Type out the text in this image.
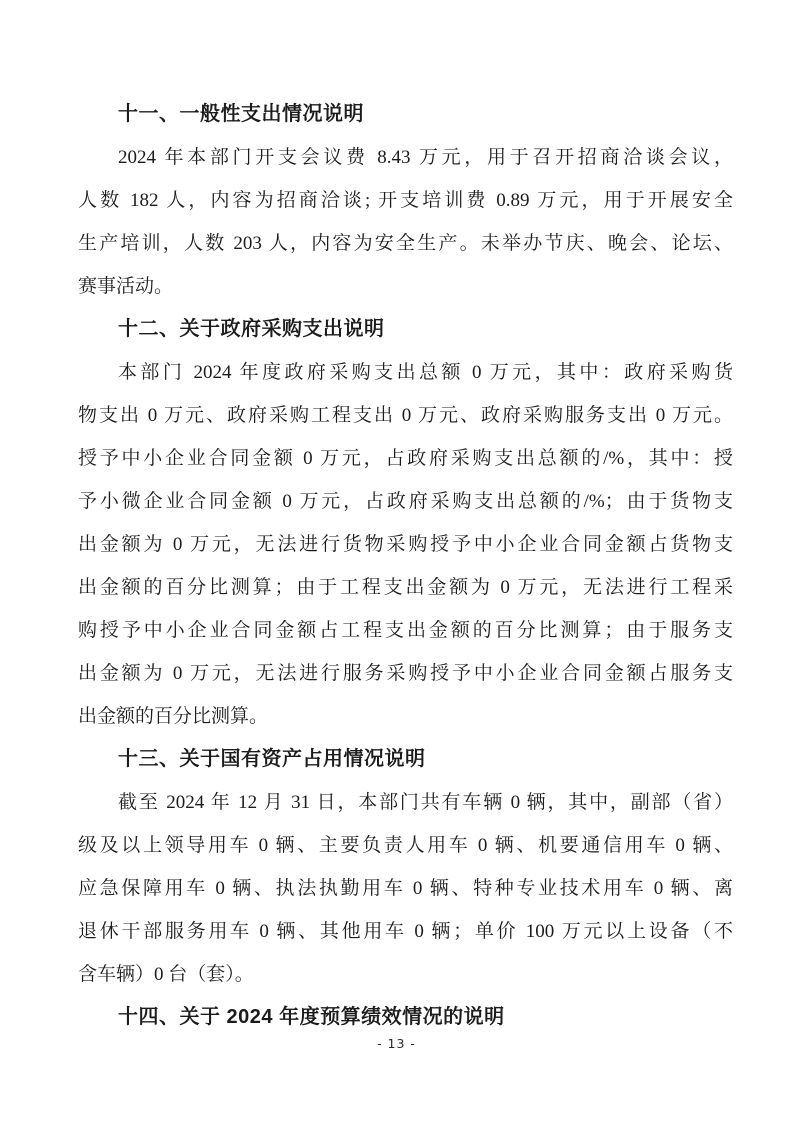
十一、一般性支出情况说明
2024 年本部门开支会议费 8.43 万元，用于召开招商洽谈会议，
人数 182 人，内容为招商洽谈; 开支培训费 0.89 万元，用于开展安全
生产培训，人数 203 人，内容为安全生产。未举办节庆、晚会、论坛、
赛事活动。
十二、关于政府采购支出说明
本部门 2024 年度政府采购支出总额 0 万元，其中：政府采购货
物支出 0 万元、政府采购工程支出 0 万元、政府采购服务支出 0 万元。
授予中小企业合同金额 0 万元，占政府采购支出总额的/%，其中：授
予小微企业合同金额 0 万元，占政府采购支出总额的/%；由于货物支
出金额为 0 万元，无法进行货物采购授予中小企业合同金额占货物支
出金额的百分比测算；由于工程支出金额为 0 万元，无法进行工程采
购授予中小企业合同金额占工程支出金额的百分比测算；由于服务支
出金额为 0 万元，无法进行服务采购授予中小企业合同金额占服务支
出金额的百分比测算。
十三、关于国有资产占用情况说明
截至 2024 年 12 月 31 日，本部门共有车辆 0 辆，其中，副部（省）
级及以上领导用车 0 辆、主要负责人用车 0 辆、机要通信用车 0 辆、
应急保障用车 0 辆、执法执勤用车 0 辆、特种专业技术用车 0 辆、离
退休干部服务用车 0 辆、其他用车 0 辆；单价 100 万元以上设备（不
含车辆）0 台（套）。
十四、关于 2024 年度预算绩效情况的说明
- 13 -
